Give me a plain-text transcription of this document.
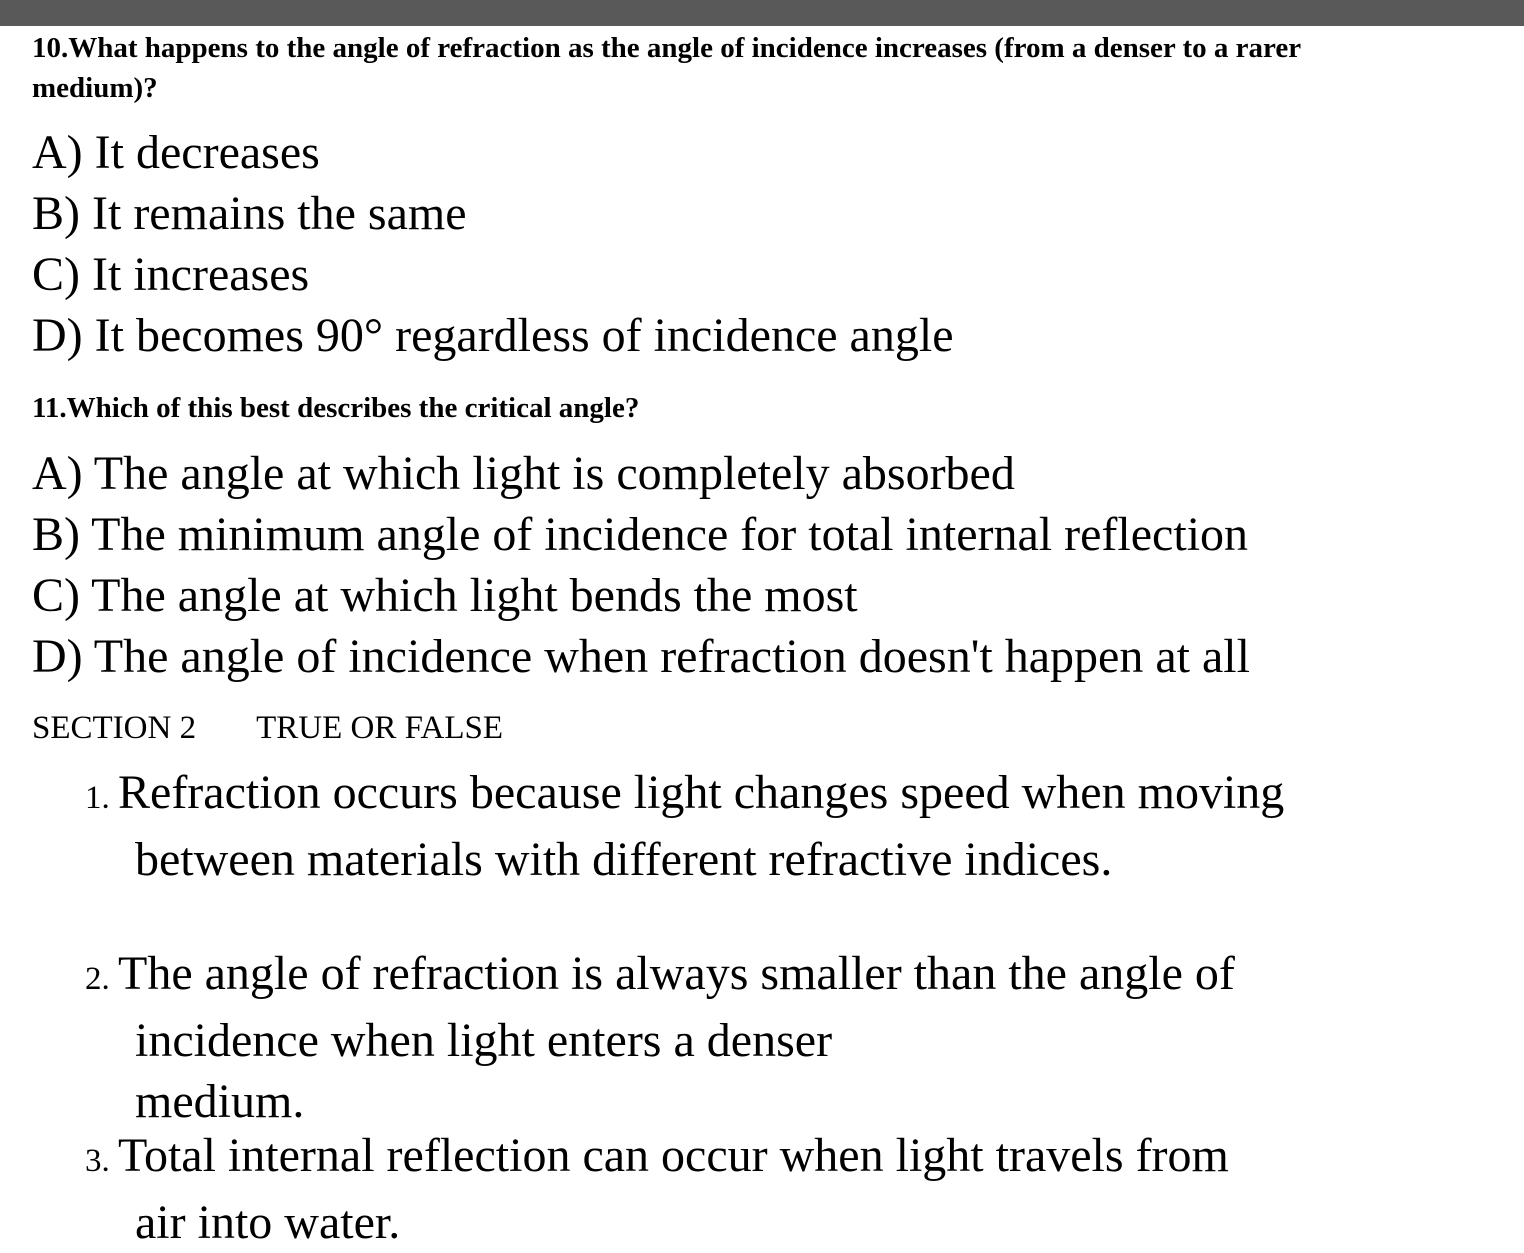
10.What happens to the angle of refraction as the angle of incidence increases (from a denser to a rarer medium)?

A) It decreases
B) It remains the same
C) It increases
D) It becomes 90° regardless of incidence angle

11.Which of this best describes the critical angle?

A) The angle at which light is completely absorbed
B) The minimum angle of incidence for total internal reflection
C) The angle at which light bends the most
D) The angle of incidence when refraction doesn't happen at all
SECTION 2 TRUE OR FALSE
1. Refraction occurs because light changes speed when moving
between materials with different refractive indices.
2. The angle of refraction is always smaller than the angle of
incidence when light enters a denser
medium.
3. Total internal reflection can occur when light travels from
air into water.
